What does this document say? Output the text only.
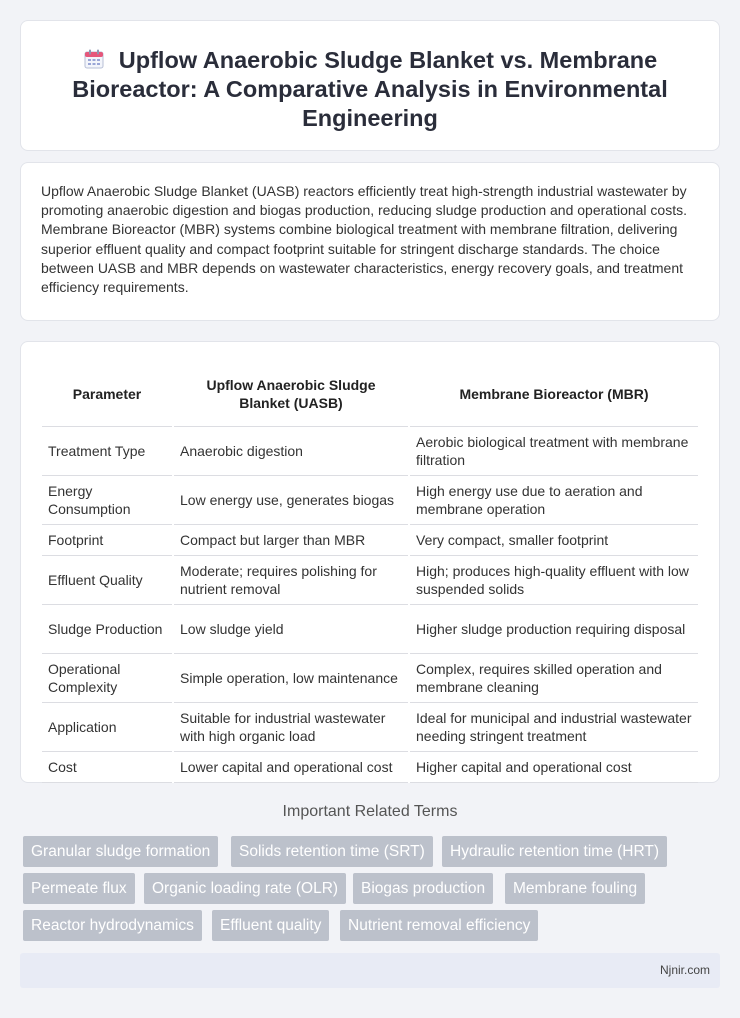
Upflow Anaerobic Sludge Blanket vs. Membrane Bioreactor: A Comparative Analysis in Environmental Engineering

Upflow Anaerobic Sludge Blanket (UASB) reactors efficiently treat high-strength industrial wastewater by promoting anaerobic digestion and biogas production, reducing sludge production and operational costs. Membrane Bioreactor (MBR) systems combine biological treatment with membrane filtration, delivering superior effluent quality and compact footprint suitable for stringent discharge standards. The choice between UASB and MBR depends on wastewater characteristics, energy recovery goals, and treatment efficiency requirements.

Parameter	Upflow Anaerobic Sludge Blanket (UASB)	Membrane Bioreactor (MBR)
Treatment Type	Anaerobic digestion	Aerobic biological treatment with membrane filtration
Energy Consumption	Low energy use, generates biogas	High energy use due to aeration and membrane operation
Footprint	Compact but larger than MBR	Very compact, smaller footprint
Effluent Quality	Moderate; requires polishing for nutrient removal	High; produces high-quality effluent with low suspended solids
Sludge Production	Low sludge yield	Higher sludge production requiring disposal
Operational Complexity	Simple operation, low maintenance	Complex, requires skilled operation and membrane cleaning
Application	Suitable for industrial wastewater with high organic load	Ideal for municipal and industrial wastewater needing stringent treatment
Cost	Lower capital and operational cost	Higher capital and operational cost
Important Related Terms
Granular sludge formation	Solids retention time (SRT)	Hydraulic retention time (HRT)
Permeate flux	Organic loading rate (OLR)	Biogas production	Membrane fouling
Reactor hydrodynamics	Effluent quality	Nutrient removal efficiency
Njnir.com
